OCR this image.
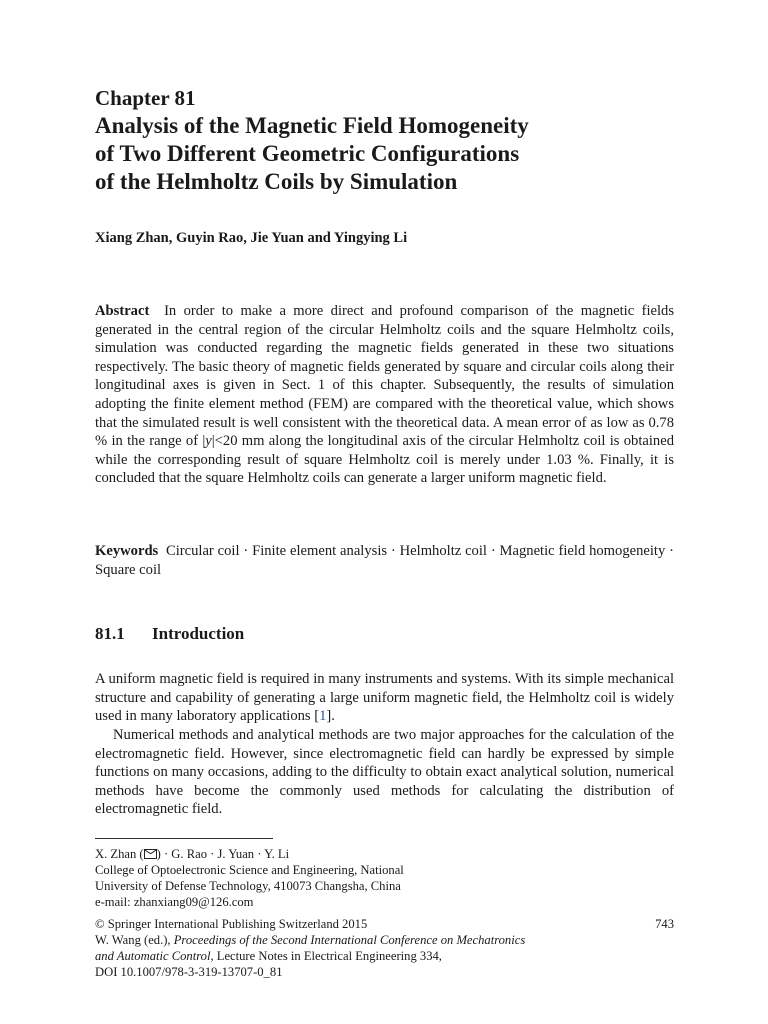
Chapter 81
Analysis of the Magnetic Field Homogeneity
of Two Different Geometric Configurations
of the Helmholtz Coils by Simulation
Xiang Zhan, Guyin Rao, Jie Yuan and Yingying Li

Abstract In order to make a more direct and profound comparison of the magnetic fields generated in the central region of the circular Helmholtz coils and the square Helmholtz coils, simulation was conducted regarding the magnetic fields generated in these two situations respectively. The basic theory of magnetic fields generated by square and circular coils along their longitudinal axes is given in Sect. 1 of this chapter. Subsequently, the results of simulation adopting the finite element method (FEM) are compared with the theoretical value, which shows that the simulated result is well consistent with the theoretical data. A mean error of as low as 0.78 % in the range of |y|<20 mm along the longitudinal axis of the circular Helmholtz coil is obtained while the corresponding result of square Helmholtz coil is merely under 1.03 %. Finally, it is concluded that the square Helmholtz coils can generate a larger uniform magnetic field.

Keywords Circular coil · Finite element analysis · Helmholtz coil · Magnetic field homogeneity · Square coil

81.1 Introduction

A uniform magnetic field is required in many instruments and systems. With its simple mechanical structure and capability of generating a large uniform magnetic field, the Helmholtz coil is widely used in many laboratory applications [1].

Numerical methods and analytical methods are two major approaches for the calculation of the electromagnetic field. However, since electromagnetic field can hardly be expressed by simple functions on many occasions, adding to the difficulty to obtain exact analytical solution, numerical methods have become the commonly used methods for calculating the distribution of electromagnetic field.

X. Zhan ( ) · G. Rao · J. Yuan · Y. Li
College of Optoelectronic Science and Engineering, National
University of Defense Technology, 410073 Changsha, China
e-mail: zhanxiang09@126.com
© Springer International Publishing Switzerland 2015	743
W. Wang (ed.), Proceedings of the Second International Conference on Mechatronics
and Automatic Control, Lecture Notes in Electrical Engineering 334,
DOI 10.1007/978-3-319-13707-0_81
